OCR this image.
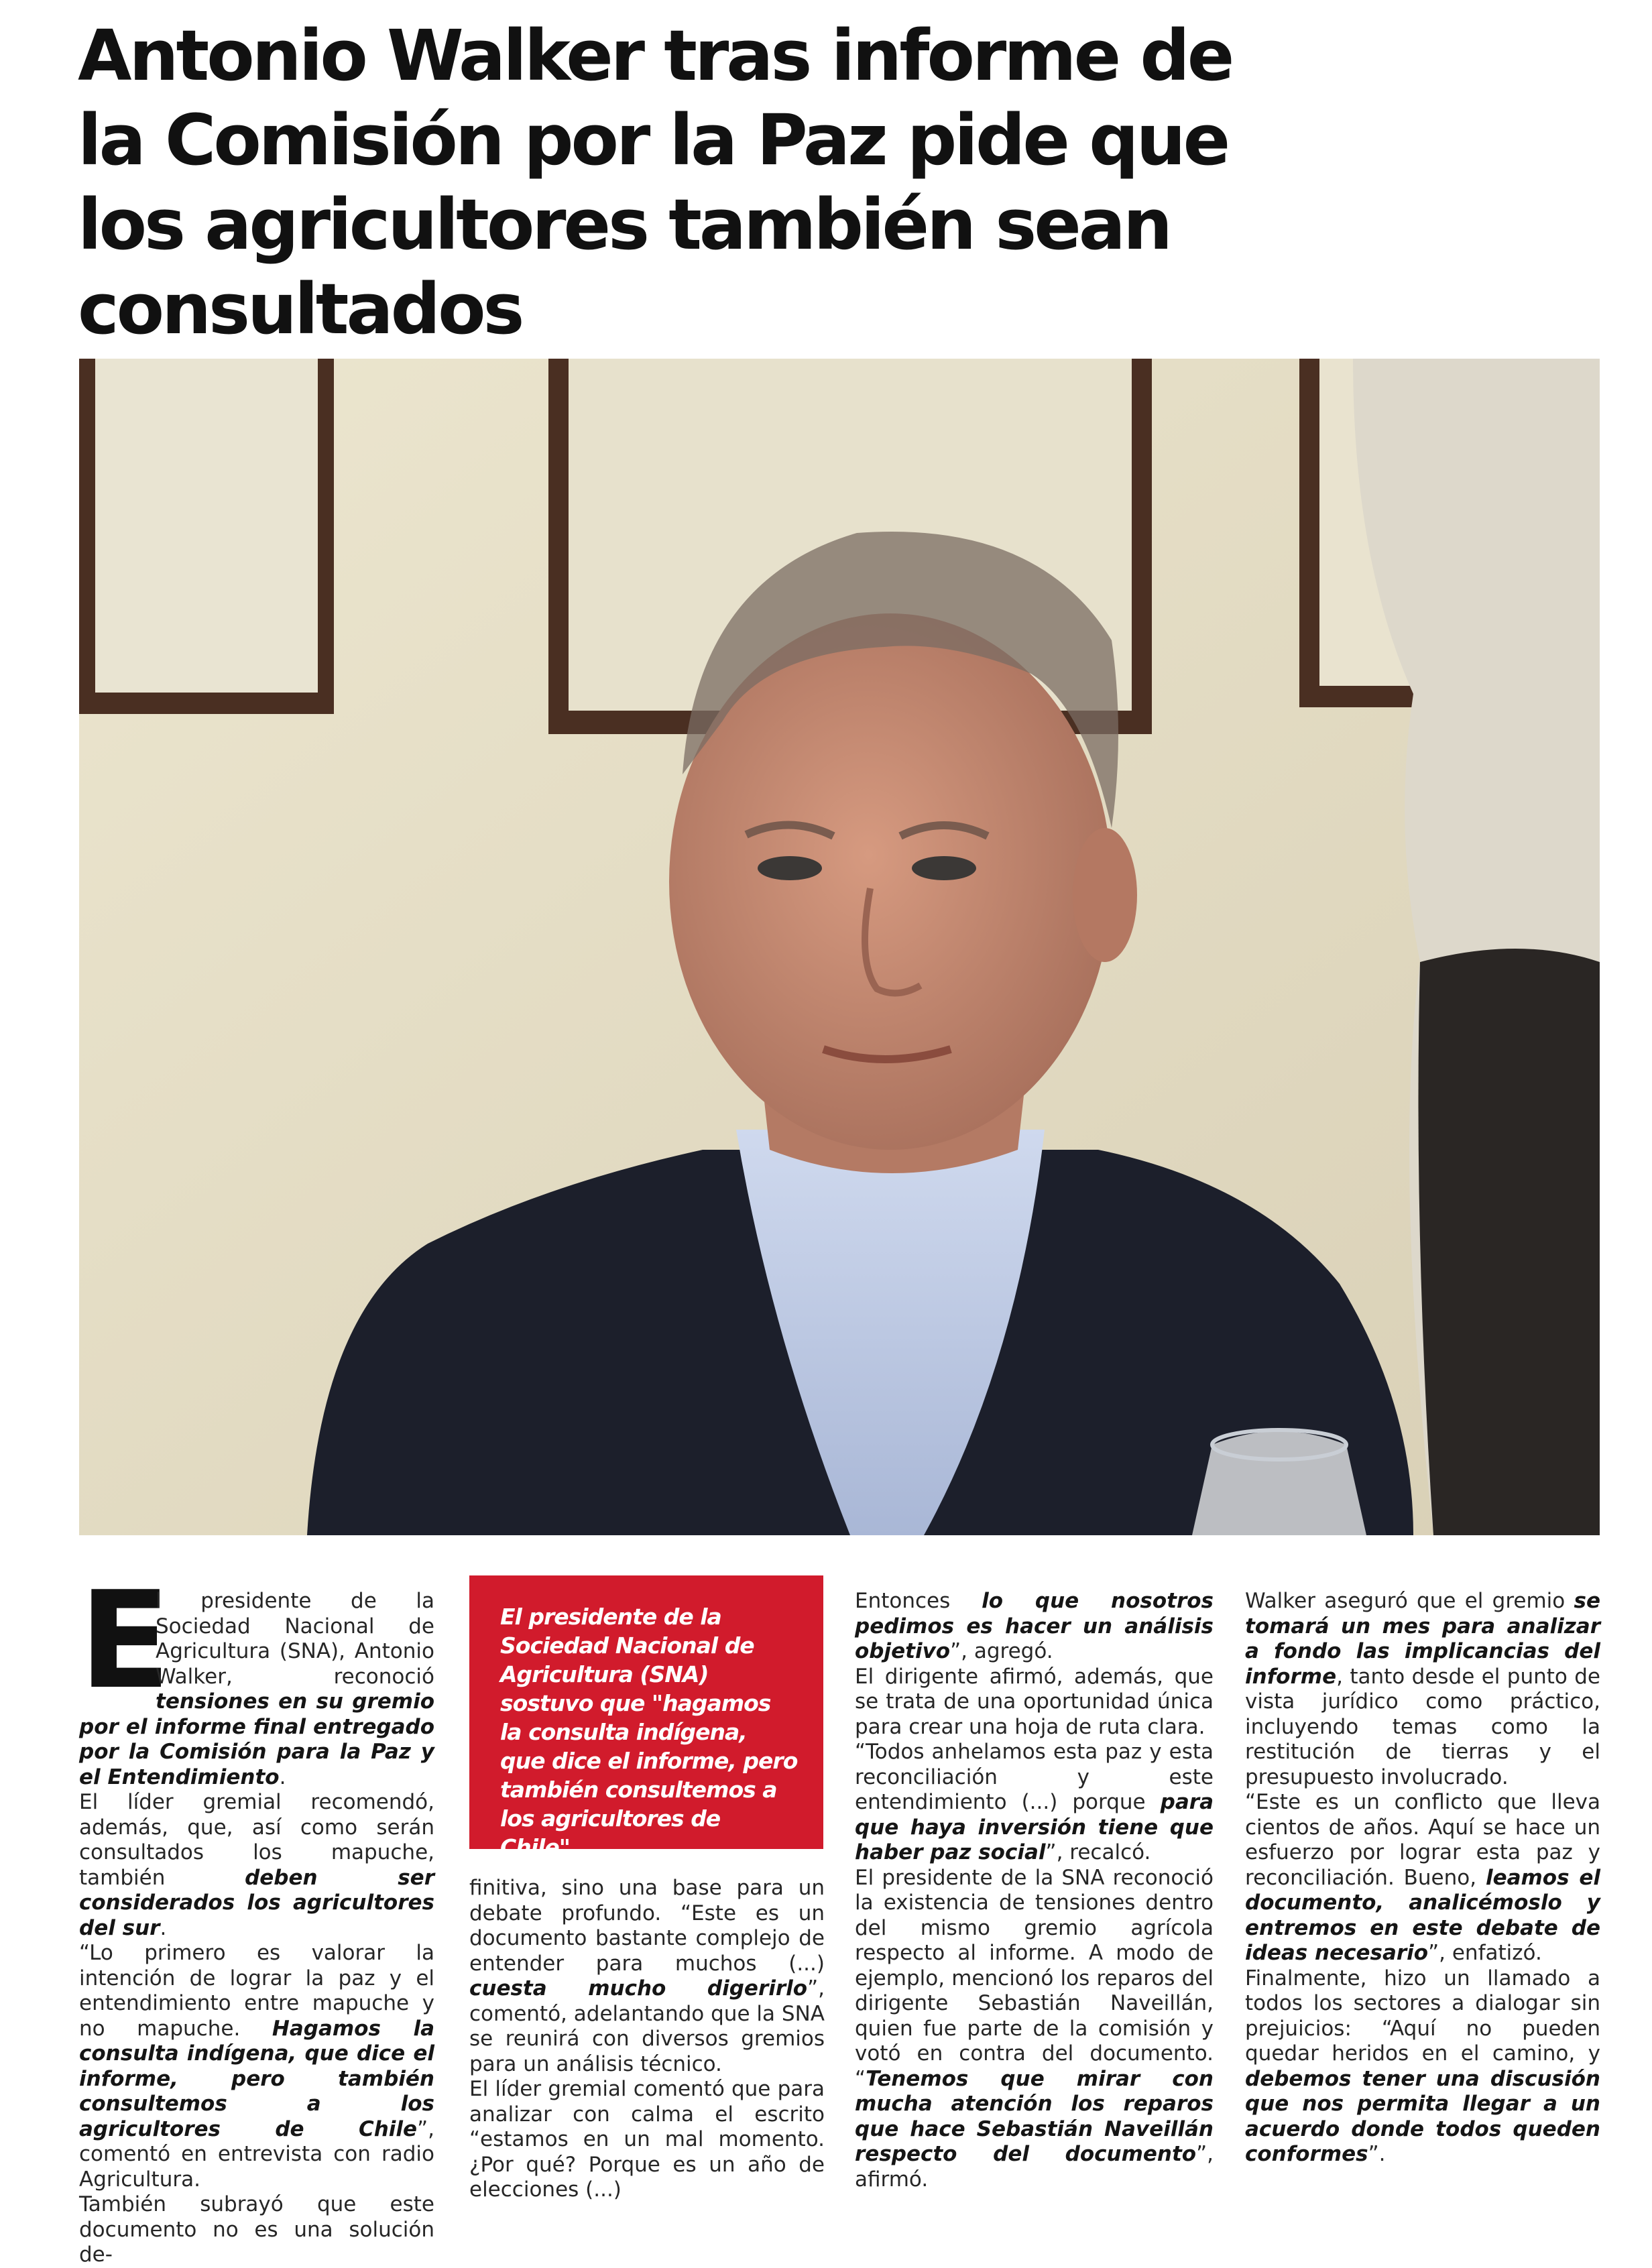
Antonio Walker tras informe de
la Comisión por la Paz pide que
los agricultores también sean
consultados
E

l presidente de la Sociedad Nacional de Agricultura (SNA), Antonio Walker, reconoció tensiones en su gremio por el informe final entregado por la Comisión para la Paz y el Entendimiento.

El líder gremial recomendó, además, que, así como serán consultados los mapuche, también deben ser considerados los agricultores del sur.

“Lo primero es valorar la intención de lograr la paz y el entendimiento entre mapuche y no mapuche. Hagamos la consulta indígena, que dice el informe, pero también consultemos a los agricultores de Chile”, comentó en entrevista con radio Agricultura.

También subrayó que este documento no es una solución de-

El presidente de la Sociedad Nacional de Agricultura (SNA) sostuvo que "hagamos la consulta indígena, que dice el informe, pero también consultemos a los agricultores de Chile".

finitiva, sino una base para un debate profundo. “Este es un documento bastante complejo de entender para muchos (...) cuesta mucho digerirlo”, comentó, adelantando que la SNA se reunirá con diversos gremios para un análisis técnico.

El líder gremial comentó que para analizar con calma el escrito “estamos en un mal momento. ¿Por qué? Porque es un año de elecciones (...)

Entonces lo que nosotros pedimos es hacer un análisis objetivo”, agregó.

El dirigente afirmó, además, que se trata de una oportunidad única para crear una hoja de ruta clara.

“Todos anhelamos esta paz y esta reconciliación y este entendimiento (...) porque para que haya inversión tiene que haber paz social”, recalcó.

El presidente de la SNA reconoció la existencia de tensiones dentro del mismo gremio agrícola respecto al informe. A modo de ejemplo, mencionó los reparos del dirigente Sebastián Naveillán, quien fue parte de la comisión y votó en contra del documento. “Tenemos que mirar con mucha atención los reparos que hace Sebastián Naveillán respecto del documento”, afirmó.

Walker aseguró que el gremio se tomará un mes para analizar a fondo las implicancias del informe, tanto desde el punto de vista jurídico como práctico, incluyendo temas como la restitución de tierras y el presupuesto involucrado.

“Este es un conflicto que lleva cientos de años. Aquí se hace un esfuerzo por lograr esta paz y reconciliación. Bueno, leamos el documento, analicémoslo y entremos en este debate de ideas necesario”, enfatizó.

Finalmente, hizo un llamado a todos los sectores a dialogar sin prejuicios: “Aquí no pueden quedar heridos en el camino, y debemos tener una discusión que nos permita llegar a un acuerdo donde todos queden conformes”.
